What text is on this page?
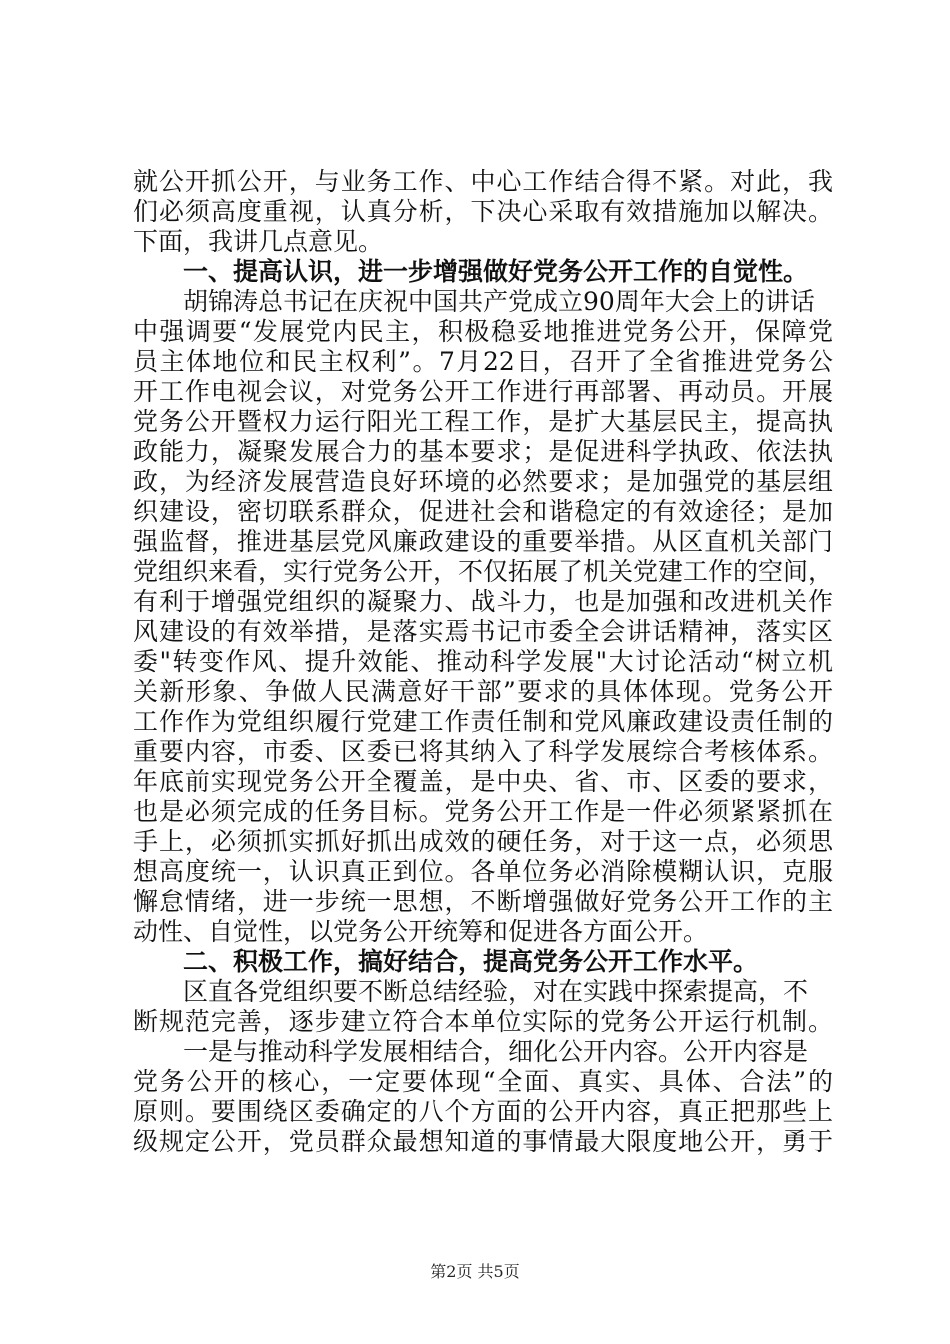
就公开抓公开，与业务工作、中心工作结合得不紧。对此，我
们必须高度重视，认真分析，下决心采取有效措施加以解决。
下面，我讲几点意见。
一、提高认识，进一步增强做好党务公开工作的自觉性。
胡锦涛总书记在庆祝中国共产党成立90周年大会上的讲话
中强调要“发展党内民主，积极稳妥地推进党务公开，保障党
员主体地位和民主权利”。7月22日，召开了全省推进党务公
开工作电视会议，对党务公开工作进行再部署、再动员。开展
党务公开暨权力运行阳光工程工作，是扩大基层民主，提高执
政能力，凝聚发展合力的基本要求；是促进科学执政、依法执
政，为经济发展营造良好环境的必然要求；是加强党的基层组
织建设，密切联系群众，促进社会和谐稳定的有效途径；是加
强监督，推进基层党风廉政建设的重要举措。从区直机关部门
党组织来看，实行党务公开，不仅拓展了机关党建工作的空间，
有利于增强党组织的凝聚力、战斗力，也是加强和改进机关作
风建设的有效举措，是落实焉书记市委全会讲话精神，落实区
委"转变作风、提升效能、推动科学发展"大讨论活动“树立机
关新形象、争做人民满意好干部”要求的具体体现。党务公开
工作作为党组织履行党建工作责任制和党风廉政建设责任制的
重要内容，市委、区委已将其纳入了科学发展综合考核体系。
年底前实现党务公开全覆盖，是中央、省、市、区委的要求，
也是必须完成的任务目标。党务公开工作是一件必须紧紧抓在
手上，必须抓实抓好抓出成效的硬任务，对于这一点，必须思
想高度统一，认识真正到位。各单位务必消除模糊认识，克服
懈怠情绪，进一步统一思想，不断增强做好党务公开工作的主
动性、自觉性，以党务公开统筹和促进各方面公开。
二、积极工作，搞好结合，提高党务公开工作水平。
区直各党组织要不断总结经验，对在实践中探索提高，不
断规范完善，逐步建立符合本单位实际的党务公开运行机制。
一是与推动科学发展相结合，细化公开内容。公开内容是
党务公开的核心，一定要体现“全面、真实、具体、合法”的
原则。要围绕区委确定的八个方面的公开内容，真正把那些上
级规定公开，党员群众最想知道的事情最大限度地公开，勇于
第2页 共5页
